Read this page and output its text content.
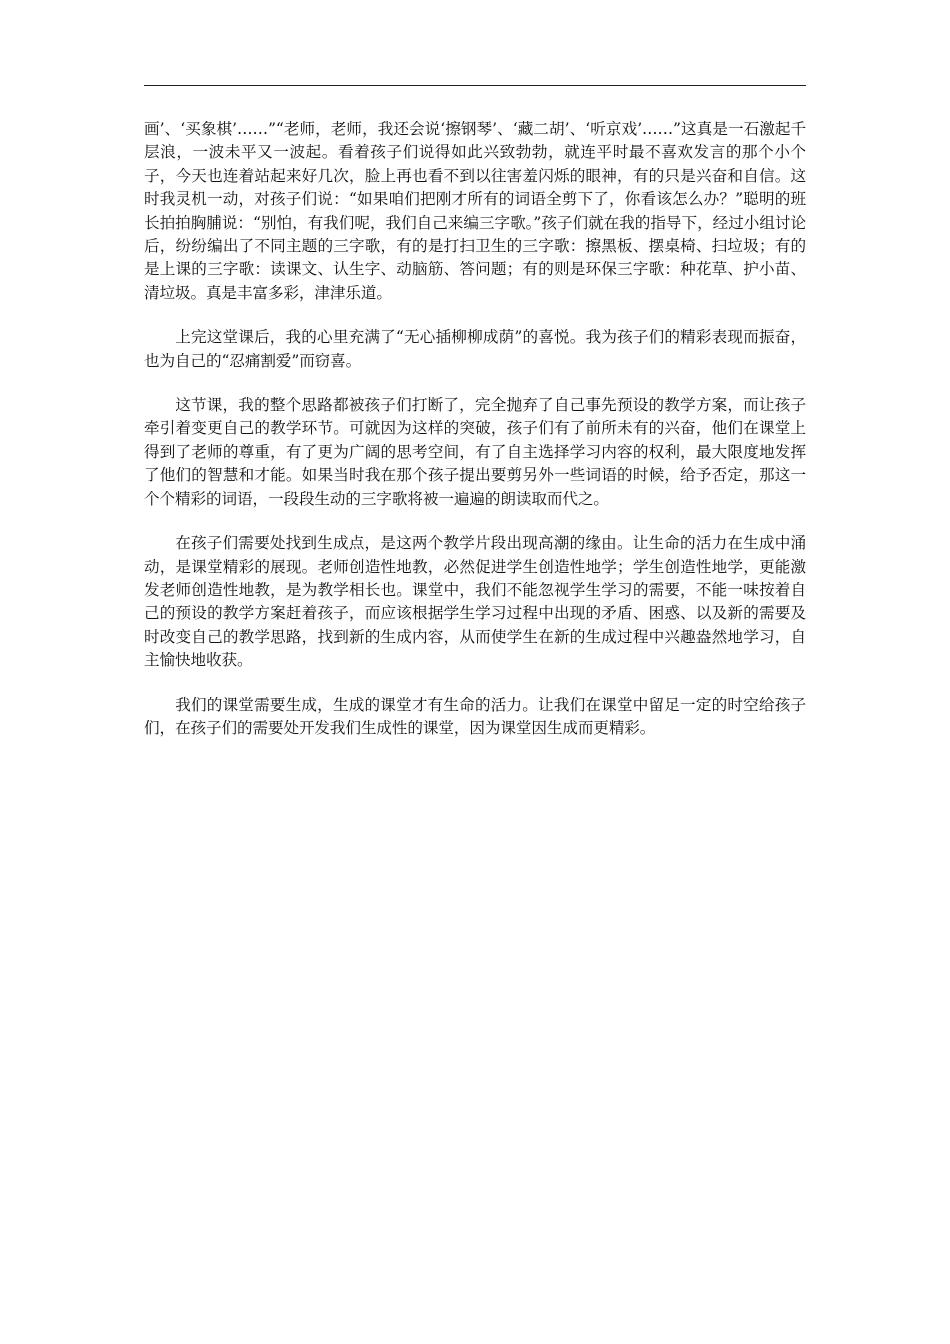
画’、‘买象棋’……”“老师，老师，我还会说‘擦钢琴’、‘藏二胡’、‘听京戏’……”这真是一石激起千层浪，一波未平又一波起。看着孩子们说得如此兴致勃勃，就连平时最不喜欢发言的那个小个子，今天也连着站起来好几次，脸上再也看不到以往害羞闪烁的眼神，有的只是兴奋和自信。这时我灵机一动，对孩子们说：“如果咱们把刚才所有的词语全剪下了，你看该怎么办？”聪明的班长拍拍胸脯说：“别怕，有我们呢，我们自己来编三字歌。”孩子们就在我的指导下，经过小组讨论后，纷纷编出了不同主题的三字歌，有的是打扫卫生的三字歌：擦黑板、摆桌椅、扫垃圾；有的是上课的三字歌：读课文、认生字、动脑筋、答问题；有的则是环保三字歌：种花草、护小苗、清垃圾。真是丰富多彩，津津乐道。

上完这堂课后，我的心里充满了“无心插柳柳成荫”的喜悦。我为孩子们的精彩表现而振奋，也为自己的“忍痛割爱”而窃喜。

这节课，我的整个思路都被孩子们打断了，完全抛弃了自己事先预设的教学方案，而让孩子牵引着变更自己的教学环节。可就因为这样的突破，孩子们有了前所未有的兴奋，他们在课堂上得到了老师的尊重，有了更为广阔的思考空间，有了自主选择学习内容的权利，最大限度地发挥了他们的智慧和才能。如果当时我在那个孩子提出要剪另外一些词语的时候，给予否定，那这一个个精彩的词语，一段段生动的三字歌将被一遍遍的朗读取而代之。

在孩子们需要处找到生成点，是这两个教学片段出现高潮的缘由。让生命的活力在生成中涌动，是课堂精彩的展现。老师创造性地教，必然促进学生创造性地学；学生创造性地学，更能激发老师创造性地教，是为教学相长也。课堂中，我们不能忽视学生学习的需要，不能一味按着自己的预设的教学方案赶着孩子，而应该根据学生学习过程中出现的矛盾、困惑、以及新的需要及时改变自己的教学思路，找到新的生成内容，从而使学生在新的生成过程中兴趣盎然地学习，自主愉快地收获。

我们的课堂需要生成，生成的课堂才有生命的活力。让我们在课堂中留足一定的时空给孩子们，在孩子们的需要处开发我们生成性的课堂，因为课堂因生成而更精彩。
